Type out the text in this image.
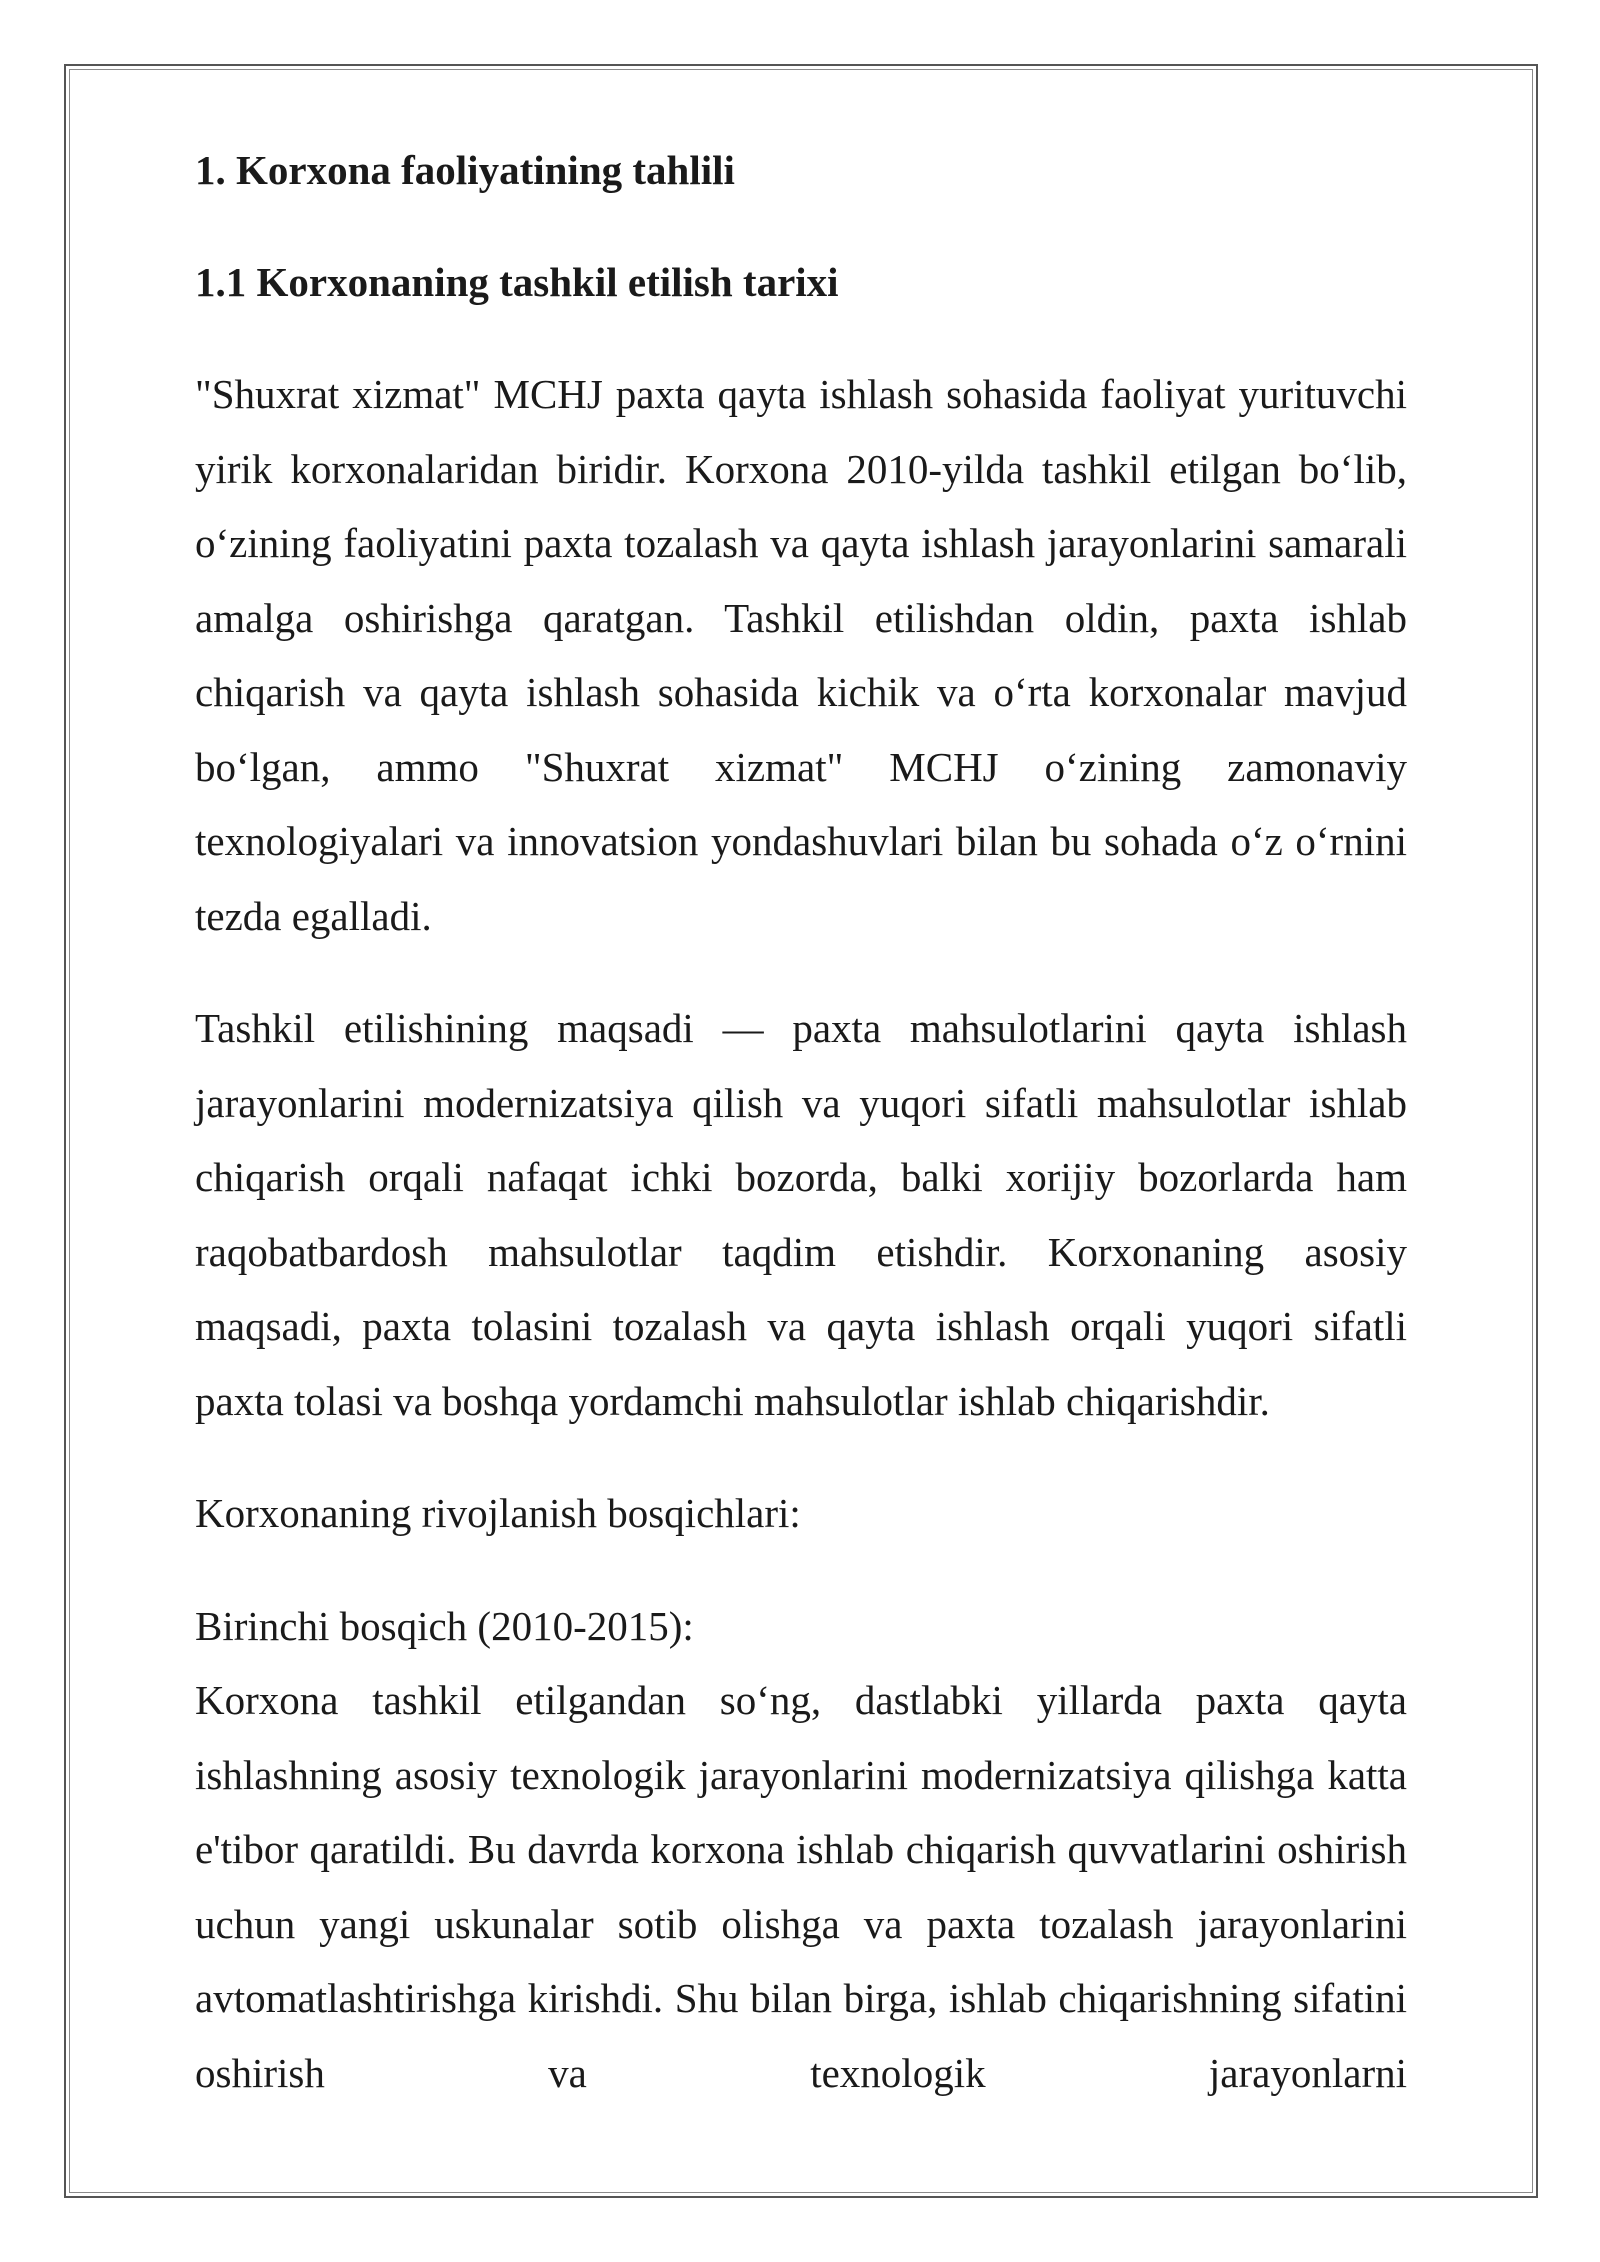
1. Korxona faoliyatining tahlili
1.1 Korxonaning tashkil etilish tarixi

"Shuxrat xizmat" MCHJ paxta qayta ishlash sohasida faoliyat yurituvchi yirik korxonalaridan biridir. Korxona 2010-yilda tashkil etilgan bo‘lib, o‘zining faoliyatini paxta tozalash va qayta ishlash jarayonlarini samarali amalga oshirishga qaratgan. Tashkil etilishdan oldin, paxta ishlab chiqarish va qayta ishlash sohasida kichik va o‘rta korxonalar mavjud bo‘lgan, ammo "Shuxrat xizmat" MCHJ o‘zining zamonaviy texnologiyalari va innovatsion yondashuvlari bilan bu sohada o‘z o‘rnini tezda egalladi.

Tashkil etilishining maqsadi — paxta mahsulotlarini qayta ishlash jarayonlarini modernizatsiya qilish va yuqori sifatli mahsulotlar ishlab chiqarish orqali nafaqat ichki bozorda, balki xorijiy bozorlarda ham raqobatbardosh mahsulotlar taqdim etishdir. Korxonaning asosiy maqsadi, paxta tolasini tozalash va qayta ishlash orqali yuqori sifatli paxta tolasi va boshqa yordamchi mahsulotlar ishlab chiqarishdir.

Korxonaning rivojlanish bosqichlari:

Birinchi bosqich (2010-2015):

Korxona tashkil etilgandan so‘ng, dastlabki yillarda paxta qayta ishlashning asosiy texnologik jarayonlarini modernizatsiya qilishga katta e'tibor qaratildi. Bu davrda korxona ishlab chiqarish quvvatlarini oshirish uchun yangi uskunalar sotib olishga va paxta tozalash jarayonlarini avtomatlashtirishga kirishdi. Shu bilan birga, ishlab chiqarishning sifatini oshirish va texnologik jarayonlarni
